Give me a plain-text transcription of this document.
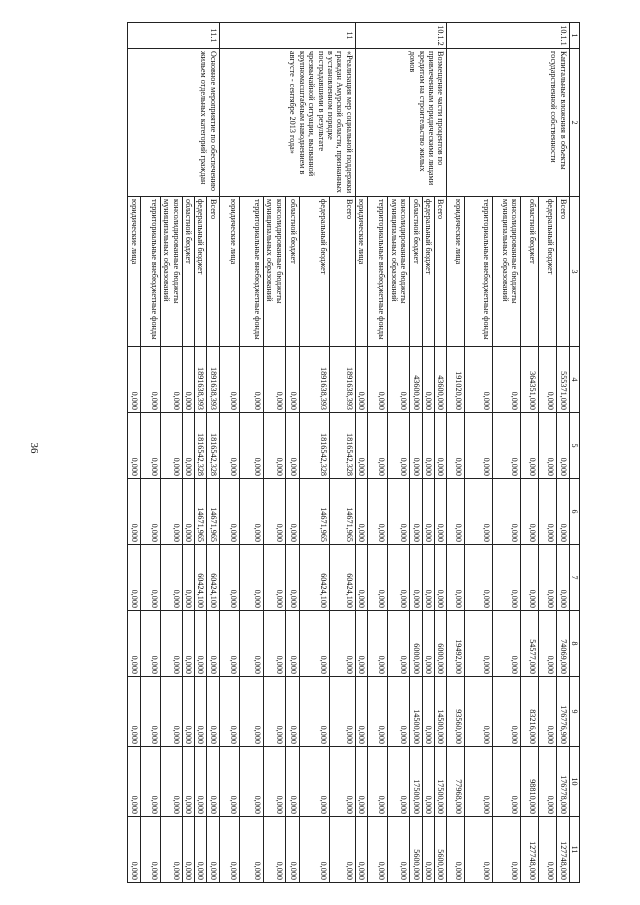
36
1	2	3	4	5	6	7	8	9	10	11
10.1.1	Капитальные вложения в объекты государственной собственности	Всего	555371,000	0,000	0,000	0,000	74069,000	176776,900	176778,000	127748,000
		федеральный бюджет	0,000	0,000	0,000	0,000	0,000	0,000	0,000	0,000
		областной бюджет	364351,000	0,000	0,000	0,000	54577,000	83216,000	98810,000	127748,000
		консолидированные бюджеты муниципальных образований	0,000	0,000	0,000	0,000	0,000	0,000	0,000	0,000
		территориальные внебюджетные фонды	0,000	0,000	0,000	0,000	0,000	0,000	0,000	0,000
		юридические лица	191020,000	0,000	0,000	0,000	19492,000	93560,000	77968,000	0,000
10.1.2	Возмещение части процентов по привлеченным юридическими лицами кредитам на строительство жилых домов	Всего	43600,000	0,000	0,000	0,000	6000,000	14500,000	17500,000	5600,000
		федеральный бюджет	0,000	0,000	0,000	0,000	0,000	0,000	0,000	0,000
		областной бюджет	43600,000	0,000	0,000	0,000	6000,000	14500,000	17500,000	5600,000
		консолидированные бюджеты муниципальных образований	0,000	0,000	0,000	0,000	0,000	0,000	0,000	0,000
		территориальные внебюджетные фонды	0,000	0,000	0,000	0,000	0,000	0,000	0,000	0,000
		юридические лица	0,000	0,000	0,000	0,000	0,000	0,000	0,000	0,000
11	«Реализация мер социальной поддержки граждан Амурской области, признанных в установленном порядке пострадавшими в результате чрезвычайной ситуации, вызванной крупномасштабным наводнением в августе - сентябре 2013 года»	Всего	1891638,393	1816542,328	14671,965	60424,100	0,000	0,000	0,000	0,000
		федеральный бюджет	1891638,393	1816542,328	14671,965	60424,100	0,000	0,000	0,000	0,000
		областной бюджет	0,000	0,000	0,000	0,000	0,000	0,000	0,000	0,000
		консолидированные бюджеты муниципальных образований	0,000	0,000	0,000	0,000	0,000	0,000	0,000	0,000
		территориальные внебюджетные фонды	0,000	0,000	0,000	0,000	0,000	0,000	0,000	0,000
		юридические лица	0,000	0,000	0,000	0,000	0,000	0,000	0,000	0,000
11.1	Основное мероприятие по обеспечению жильем отдельных категорий граждан	Всего	1891638,393	1816542,328	14671,965	60424,100	0,000	0,000	0,000	0,000
		федеральный бюджет	1891638,393	1816542,328	14671,965	60424,100	0,000	0,000	0,000	0,000
		областной бюджет	0,000	0,000	0,000	0,000	0,000	0,000	0,000	0,000
		консолидированные бюджеты муниципальных образований	0,000	0,000	0,000	0,000	0,000	0,000	0,000	0,000
		территориальные внебюджетные фонды	0,000	0,000	0,000	0,000	0,000	0,000	0,000	0,000
		юридические лица	0,000	0,000	0,000	0,000	0,000	0,000	0,000	0,000
